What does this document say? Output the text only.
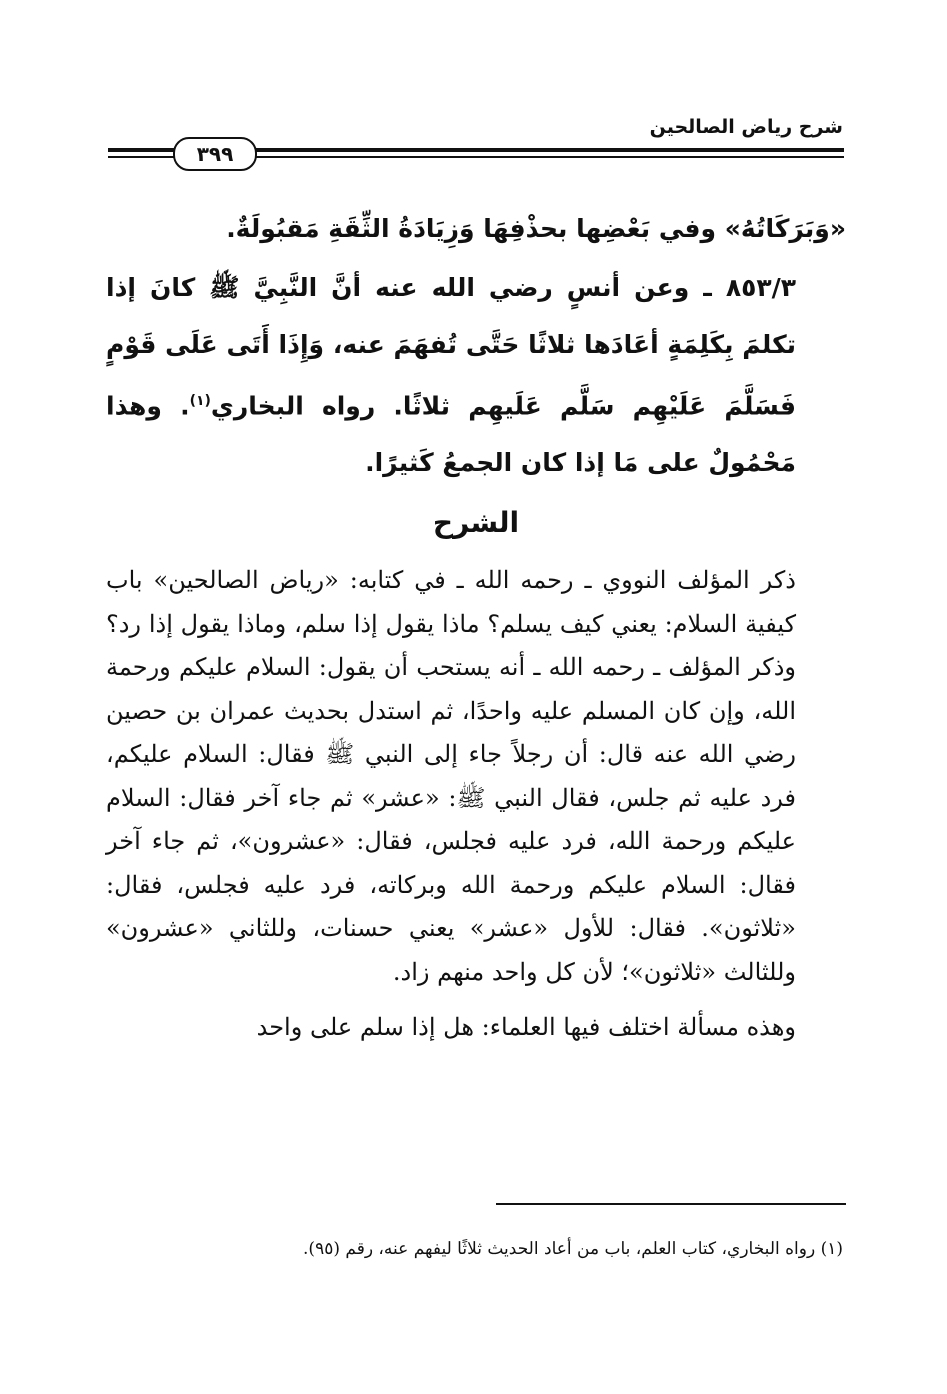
شرح رياض الصالحين
٣٩٩

«وَبَرَكَاتُهُ» وفي بَعْضِها بحذْفِهَا وَزِيَادَةُ الثِّقَةِ مَقبُولَةٌ.

٨٥٣/٣ ـ وعن أنسٍ رضي الله عنه أنَّ النَّبِيَّ ﷺ كانَ إذا تكلمَ بِكَلِمَةٍ أعَادَها ثلاثًا حَتَّى تُفهَمَ عنه، وَإِذَا أَتَى عَلَى قَوْمٍ فَسَلَّمَ عَلَيْهِم سَلَّم عَلَيهِم ثلاثًا. رواه البخاري$^{(١)}$. وهذا مَحْمُولٌ على مَا إذا كان الجمعُ كَثيرًا.

الشرح

ذكر المؤلف النووي ـ رحمه الله ـ في كتابه: «رياض الصالحين» باب كيفية السلام: يعني كيف يسلم؟ ماذا يقول إذا سلم، وماذا يقول إذا رد؟ وذكر المؤلف ـ رحمه الله ـ أنه يستحب أن يقول: السلام عليكم ورحمة الله، وإن كان المسلم عليه واحدًا، ثم استدل بحديث عمران بن حصين رضي الله عنه قال: أن رجلاً جاء إلى النبي ﷺ فقال: السلام عليكم، فرد عليه ثم جلس، فقال النبي ﷺ: «عشر» ثم جاء آخر فقال: السلام عليكم ورحمة الله، فرد عليه فجلس، فقال: «عشرون»، ثم جاء آخر فقال: السلام عليكم ورحمة الله وبركاته، فرد عليه فجلس، فقال: «ثلاثون». فقال: للأول «عشر» يعني حسنات، وللثاني «عشرون» وللثالث «ثلاثون»؛ لأن كل واحد منهم زاد.

وهذه مسألة اختلف فيها العلماء: هل إذا سلم على واحد

(١) رواه البخاري، كتاب العلم، باب من أعاد الحديث ثلاثًا ليفهم عنه، رقم (٩٥).
